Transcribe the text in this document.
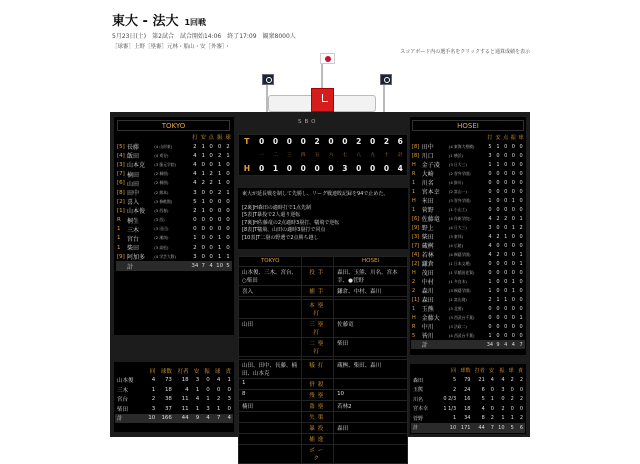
東大 - 法大 1回戦
5月23日(土)　第2試合　試合開始14:06　終了17:09　観衆8000人
［球審］上野［塁審］元林・船山・安［外審］・
スコアボード内の選手名をクリックすると通算成績を表示
TOKYO
			打	安	点	振	球
[5]	長藤	(4 山形東)	2	1	0	0	2
[4]	飯田	(4 刈谷)	4	1	0	2	1
[3]	山本克	(3 藤元学院)	4	0	0	1	0
[7]	楠田	(2 桐朋)	4	1	2	1	0
[6]	山田	(2 桐朋)	4	2	2	1	0
[8]	田中	(2 熊本)	3	0	0	2	1
[2]	喜入	(3 修猷館)	5	1	0	0	0
[1]	山本俊	(3 西春)	2	1	0	0	0
R	桐生	(3 西)	0	0	0	0	0
1	三木	(3 田辺)	0	0	0	0	0
1	宮台	(2 湘南)	1	0	0	1	0
1	柴田	(3 高松)	2	0	0	1	0
[9]	阿加多	(4 学芸大附)	3	0	0	1	1
	計		34	7	4	10	5
	回	球数	打者	安	振	球	責
山本俊	4	73	18	3	0	4	1
三木	1	18	4	1	0	0	0
宮台	2	38	11	4	1	2	3
柴田	3	37	11	1	3	1	0
計	10	166	44	9	4	7	4
SBO
T	0	0	0	0	2	0	0	2	0	2	6
	一	二	三	四	五	六	七	八	九	十	計
H	0	1	0	0	0	0	3	0	0	0	4
東大が延長戦を制して先勝し、リーグ戦連敗記録を94で止めた。
[2裏]H森田の適時打で1点先制
[5表]T暴投で2人還り逆転
[7裏]H佐藤竜の2点適時3塁打、犠飛で逆転
[8表]T犠飛、山田の適時3塁打で同点
[10表]T二塁の野選で2点勝ち越し
TOKYO		HOSEI
山本俊、三木、宮台、○柴田	投手	森田、玉熊、川名、宮本幸、●菅野
喜入	捕手	鎌倉、中村、森川

	本塁打	
山田	三塁打	佐藤竜
	二塁打	柴田

山田、田中、長藤、楠田、山本克	犠打	蔵桝、柴田、森川
1	併殺	
8	残塁	10
楠田	盗塁	若林2
	失策	
	暴投	森田
	捕逸	
	ボーク	
HOSEI
			打	安	点	振	球
[8]	田中	(4 東海大相模)	5	1	0	0	0
[8]	川口	(1 横浜)	3	0	0	0	0
H	金子凌	(3 日大三)	1	1	0	0	0
R	大崎	(2 智弁学園)	0	0	0	0	0
1	川名	(4 掛川)	0	0	0	0	0
1	宮本幸	(2 富山一)	0	0	0	0	0
H	米田	(3 智弁学園)	1	0	0	1	0
1	菅野	(1 小山工)	0	0	0	0	0
[6]	佐藤竜	(4 作新学院)	4	2	2	0	1
[9]	野上	(4 日大三)	3	0	0	1	2
[3]	柴田	(3 東邦)	4	2	1	0	0
[7]	蔵桝	(4 広陵)	4	0	0	0	0
[4]	若林	(4 桐蔭学園)	4	2	0	0	1
[2]	鎌倉	(1 日本文理)	0	0	0	0	1
H	茂田	(1 早稲田佐賀)	0	0	0	0	0
2	中村	(1 多良木)	1	0	0	1	0
2	森川	(3 桐蔭学園)	1	0	0	1	0
[1]	森田	(1 富山商)	2	1	1	0	0
1	玉熊	(3 北照)	0	0	0	0	0
H	金藤大	(3 西武台千葉)	0	0	0	0	1
R	中川	(3 法政二)	0	0	0	0	0
5	皆川	(4 西武台千葉)	1	0	0	0	0
	計		34	9	4	4	7
	回	球数	打者	安	振	球	責
森田	5	79	21	4	4	2	2
玉熊	2	24	6	0	3	0	0
川名	0 2/3	16	5	1	0	2	2
宮本幸	1 1/3	18	4	0	2	0	0
菅野	1	34	8	2	1	1	2
計	10	171	44	7	10	5	6
